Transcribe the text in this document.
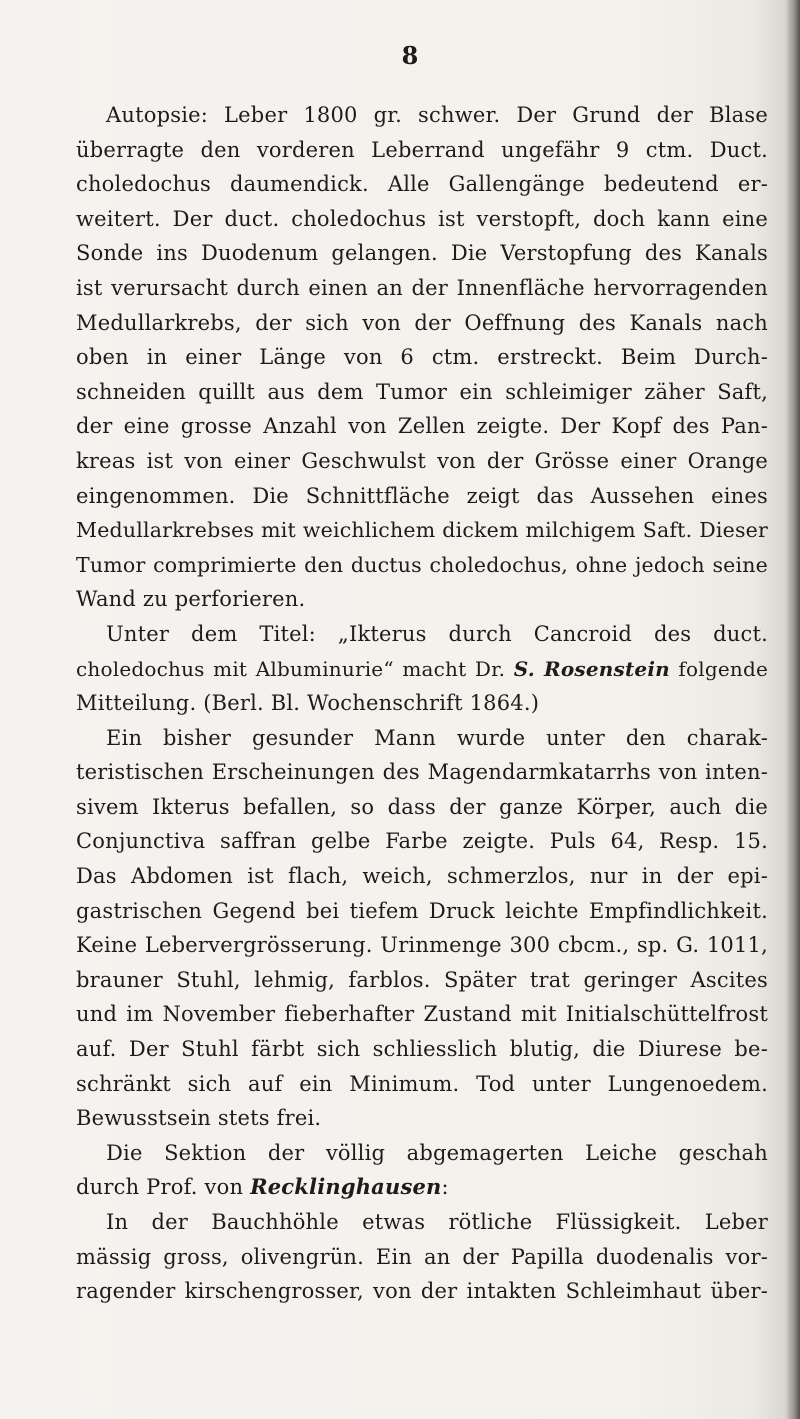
8
Autopsie: Leber 1800 gr. schwer. Der Grund der Blase
überragte den vorderen Leberrand ungefähr 9 ctm. Duct.
choledochus daumendick. Alle Gallengänge bedeutend er-
weitert. Der duct. choledochus ist verstopft, doch kann eine
Sonde ins Duodenum gelangen. Die Verstopfung des Kanals
ist verursacht durch einen an der Innenfläche hervorragenden
Medullarkrebs, der sich von der Oeffnung des Kanals nach
oben in einer Länge von 6 ctm. erstreckt. Beim Durch-
schneiden quillt aus dem Tumor ein schleimiger zäher Saft,
der eine grosse Anzahl von Zellen zeigte. Der Kopf des Pan-
kreas ist von einer Geschwulst von der Grösse einer Orange
eingenommen. Die Schnittfläche zeigt das Aussehen eines
Medullarkrebses mit weichlichem dickem milchigem Saft. Dieser
Tumor comprimierte den ductus choledochus, ohne jedoch seine
Wand zu perforieren.
Unter dem Titel: „Ikterus durch Cancroid des duct.
choledochus mit Albuminurie“ macht Dr. S. Rosenstein folgende
Mitteilung. (Berl. Bl. Wochenschrift 1864.)
Ein bisher gesunder Mann wurde unter den charak-
teristischen Erscheinungen des Magendarmkatarrhs von inten-
sivem Ikterus befallen, so dass der ganze Körper, auch die
Conjunctiva saffran gelbe Farbe zeigte. Puls 64, Resp. 15.
Das Abdomen ist flach, weich, schmerzlos, nur in der epi-
gastrischen Gegend bei tiefem Druck leichte Empfindlichkeit.
Keine Lebervergrösserung. Urinmenge 300 cbcm., sp. G. 1011,
brauner Stuhl, lehmig, farblos. Später trat geringer Ascites
und im November fieberhafter Zustand mit Initialschüttelfrost
auf. Der Stuhl färbt sich schliesslich blutig, die Diurese be-
schränkt sich auf ein Minimum. Tod unter Lungenoedem.
Bewusstsein stets frei.
Die Sektion der völlig abgemagerten Leiche geschah
durch Prof. von Recklinghausen:
In der Bauchhöhle etwas rötliche Flüssigkeit. Leber
mässig gross, olivengrün. Ein an der Papilla duodenalis vor-
ragender kirschengrosser, von der intakten Schleimhaut über-
